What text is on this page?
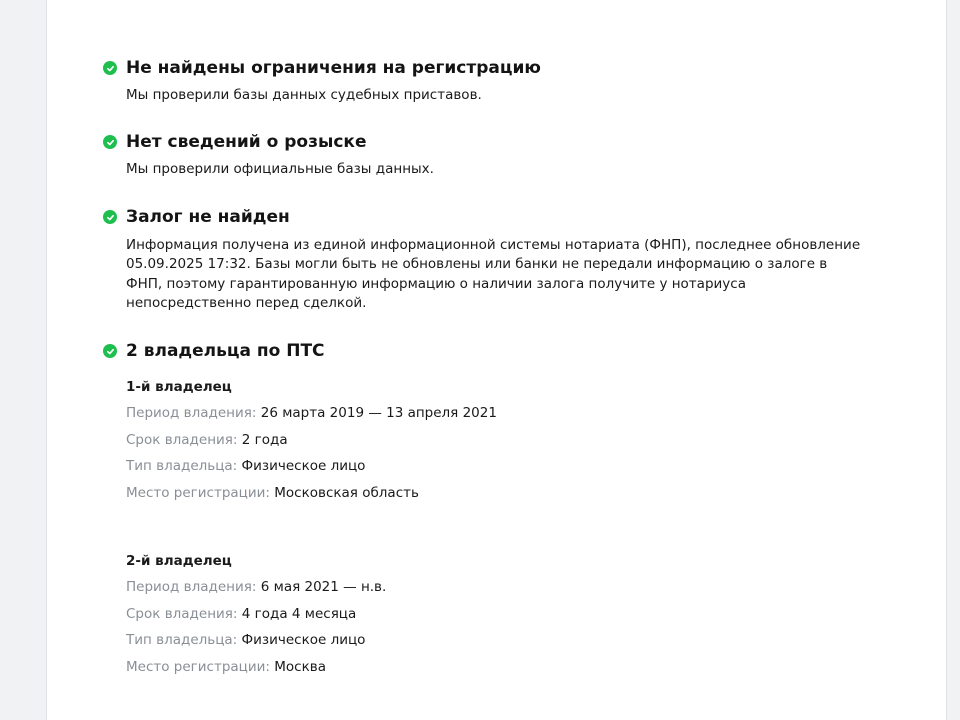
Не найдены ограничения на регистрацию

Мы проверили базы данных судебных приставов.

Нет сведений о розыске

Мы проверили официальные базы данных.

Залог не найден

Информация получена из единой информационной системы нотариата (ФНП), последнее обновление 05.09.2025 17:32. Базы могли быть не обновлены или банки не передали информацию о залоге в ФНП, поэтому гарантированную информацию о наличии залога получите у нотариуса непосредственно перед сделкой.

2 владельца по ПТС

1-й владелец

Период владения: 26 марта 2019 — 13 апреля 2021
Срок владения: 2 года
Тип владельца: Физическое лицо
Место регистрации: Московская область

2-й владелец

Период владения: 6 мая 2021 — н.в.
Срок владения: 4 года 4 месяца
Тип владельца: Физическое лицо
Место регистрации: Москва
